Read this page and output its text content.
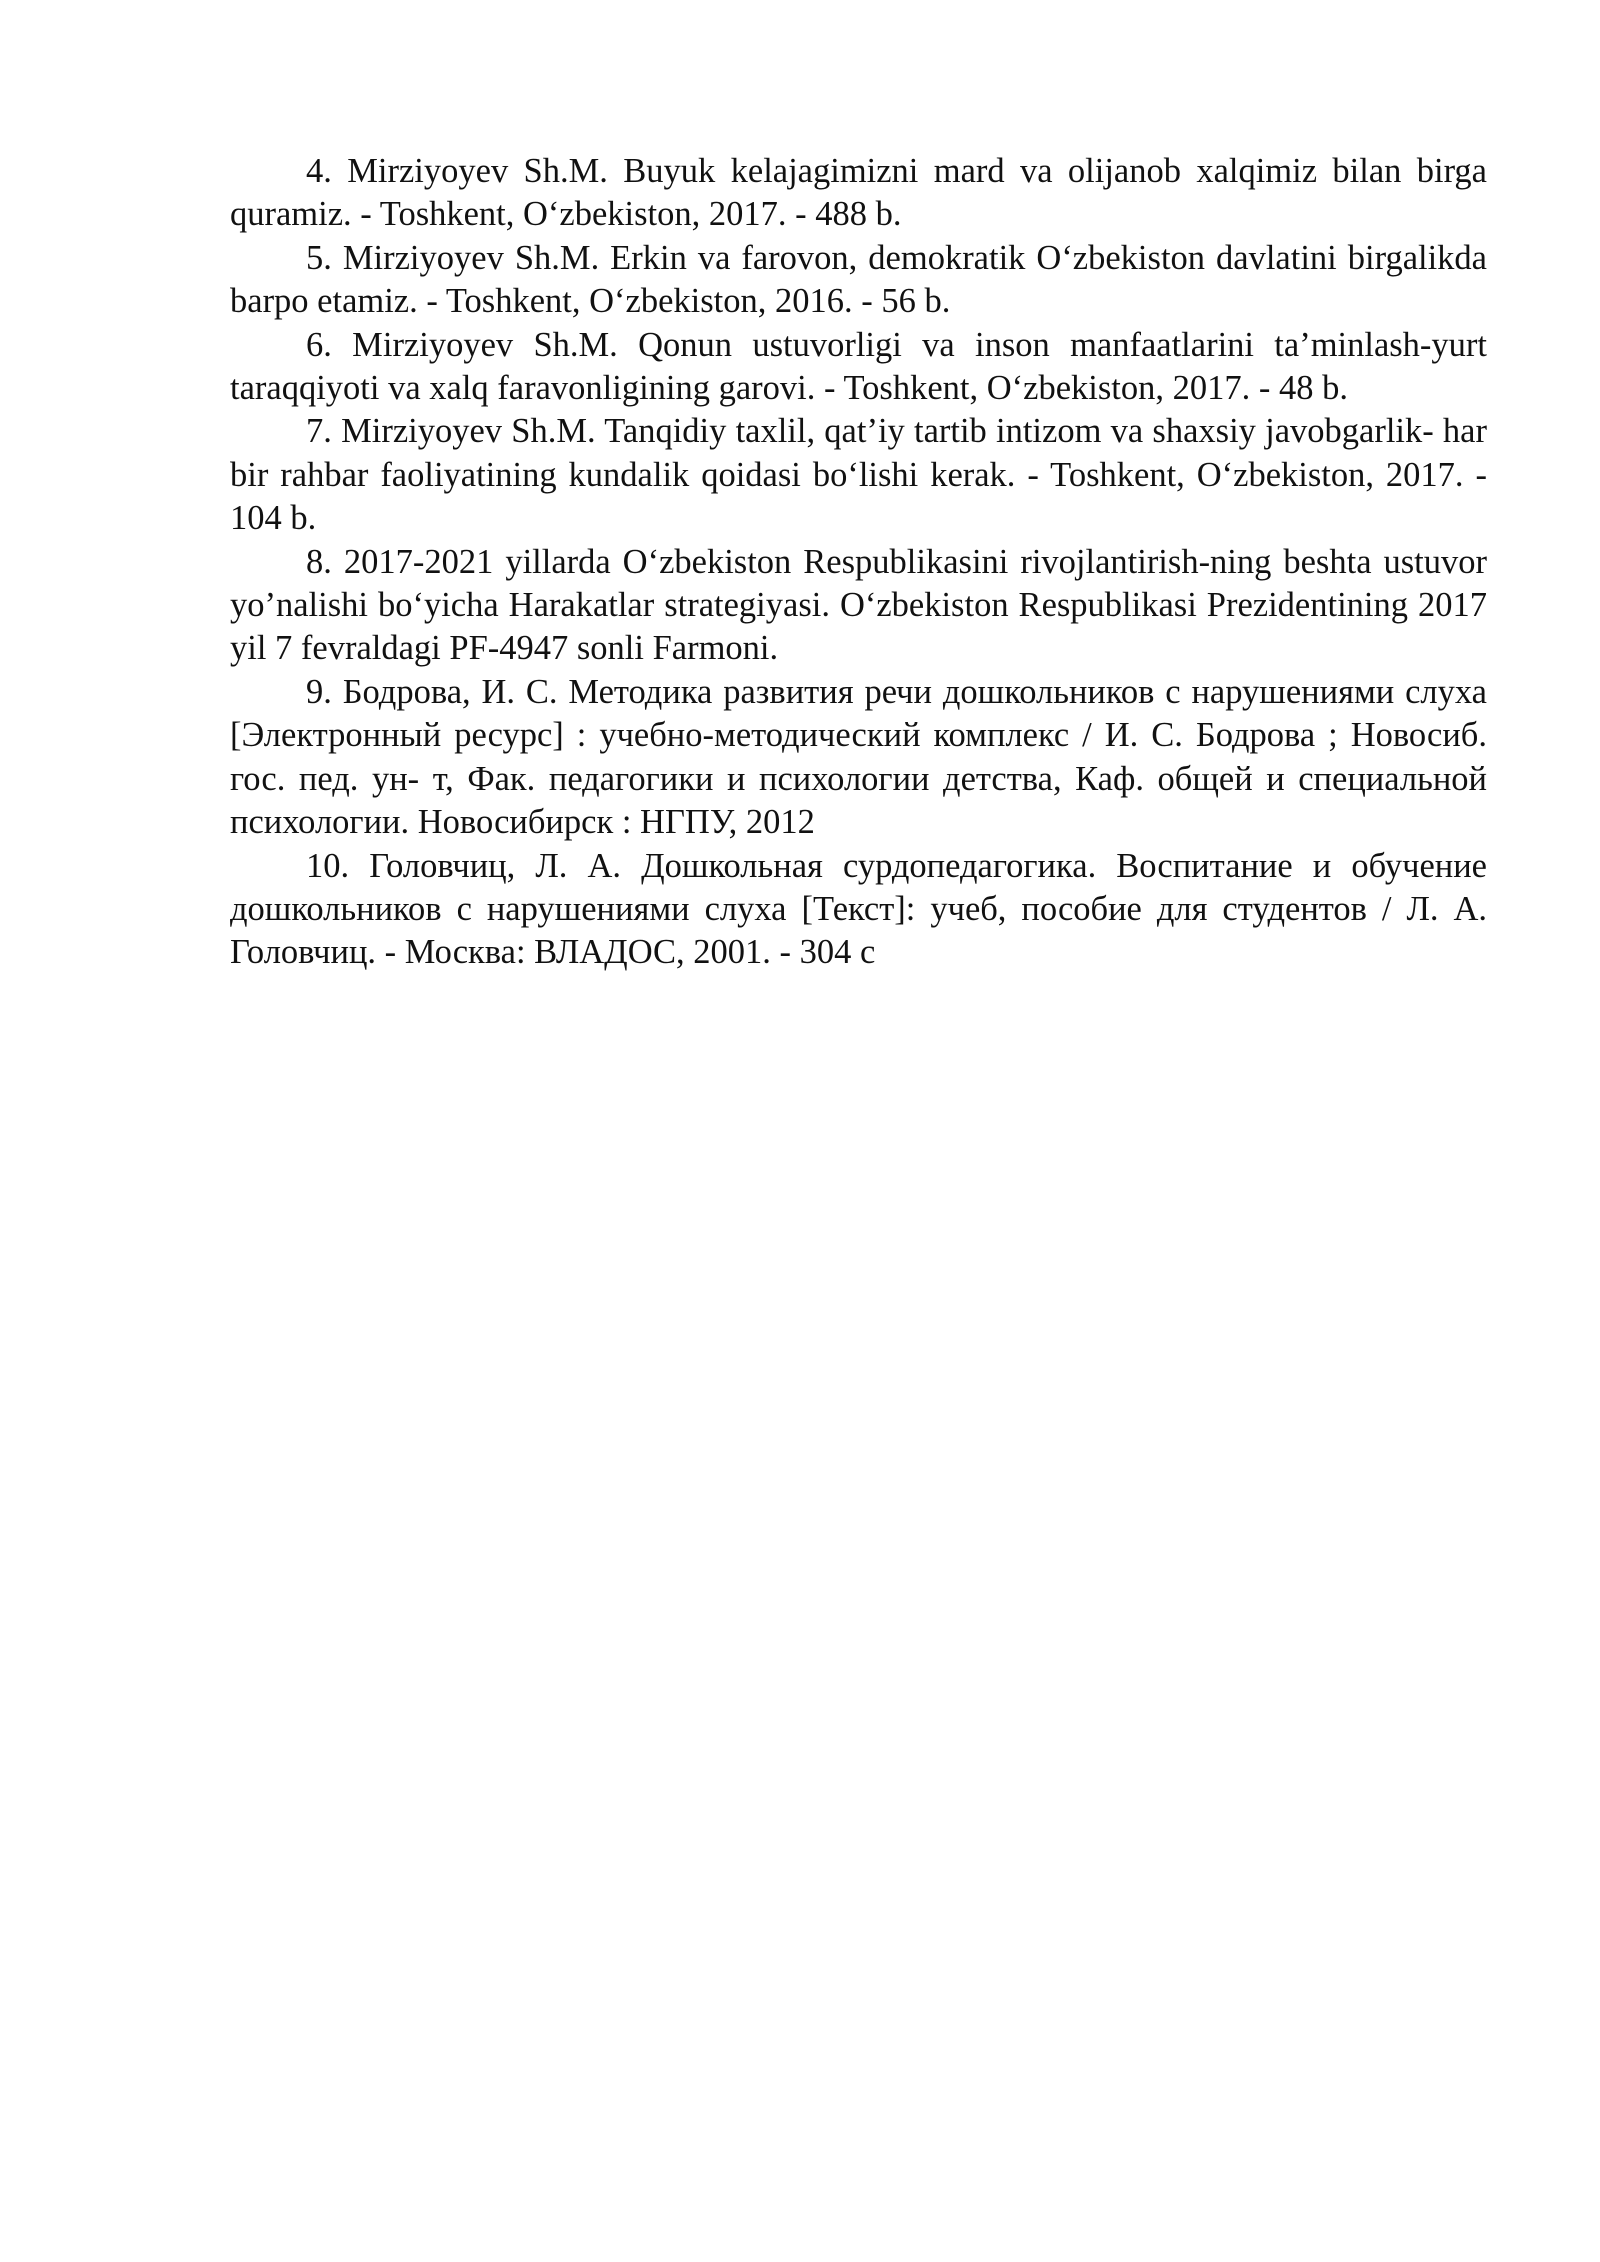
4. Mirziyoyev Sh.M. Buyuk kelajagimizni mard va olijanob xalqimiz bilan birga quramiz. - Toshkent, O‘zbekiston, 2017. - 488 b.

5. Mirziyoyev Sh.M. Erkin va farovon, demokratik O‘zbekiston davlatini birgalikda barpo etamiz. - Toshkent, O‘zbekiston, 2016. - 56 b.

6. Mirziyoyev Sh.M. Qonun ustuvorligi va inson manfaatlarini ta’minlash-yurt taraqqiyoti va xalq faravonligining garovi. - Toshkent, O‘zbekiston, 2017. - 48 b.

7. Mirziyoyev Sh.M. Tanqidiy taxlil, qat’iy tartib intizom va shaxsiy javobgarlik- har bir rahbar faoliyatining kundalik qoidasi bo‘lishi kerak. - Toshkent, O‘zbekiston, 2017. - 104 b.

8. 2017-2021 yillarda O‘zbekiston Respublikasini rivojlantirish-ning beshta ustuvor yo’nalishi bo‘yicha Harakatlar strategiyasi. O‘zbekiston Respublikasi Prezidentining 2017 yil 7 fevraldagi PF-4947 sonli Farmoni.

9. Бодрова, И. С. Методика развития речи дошкольников с нарушениями слуха [Электронный ресурс] : учебно-методический комплекс / И. С. Бодрова ; Новосиб. гос. пед. ун- т, Фак. педагогики и психологии детства, Каф. общей и специальной психологии. Новосибирск : НГПУ, 2012

10. Головчиц, Л. А. Дошкольная сурдопедагогика. Воспитание и обучение дошкольников с нарушениями слуха [Текст]: учеб, пособие для студентов / Л. А. Головчиц. - Москва: ВЛАДОС, 2001. - 304 с
